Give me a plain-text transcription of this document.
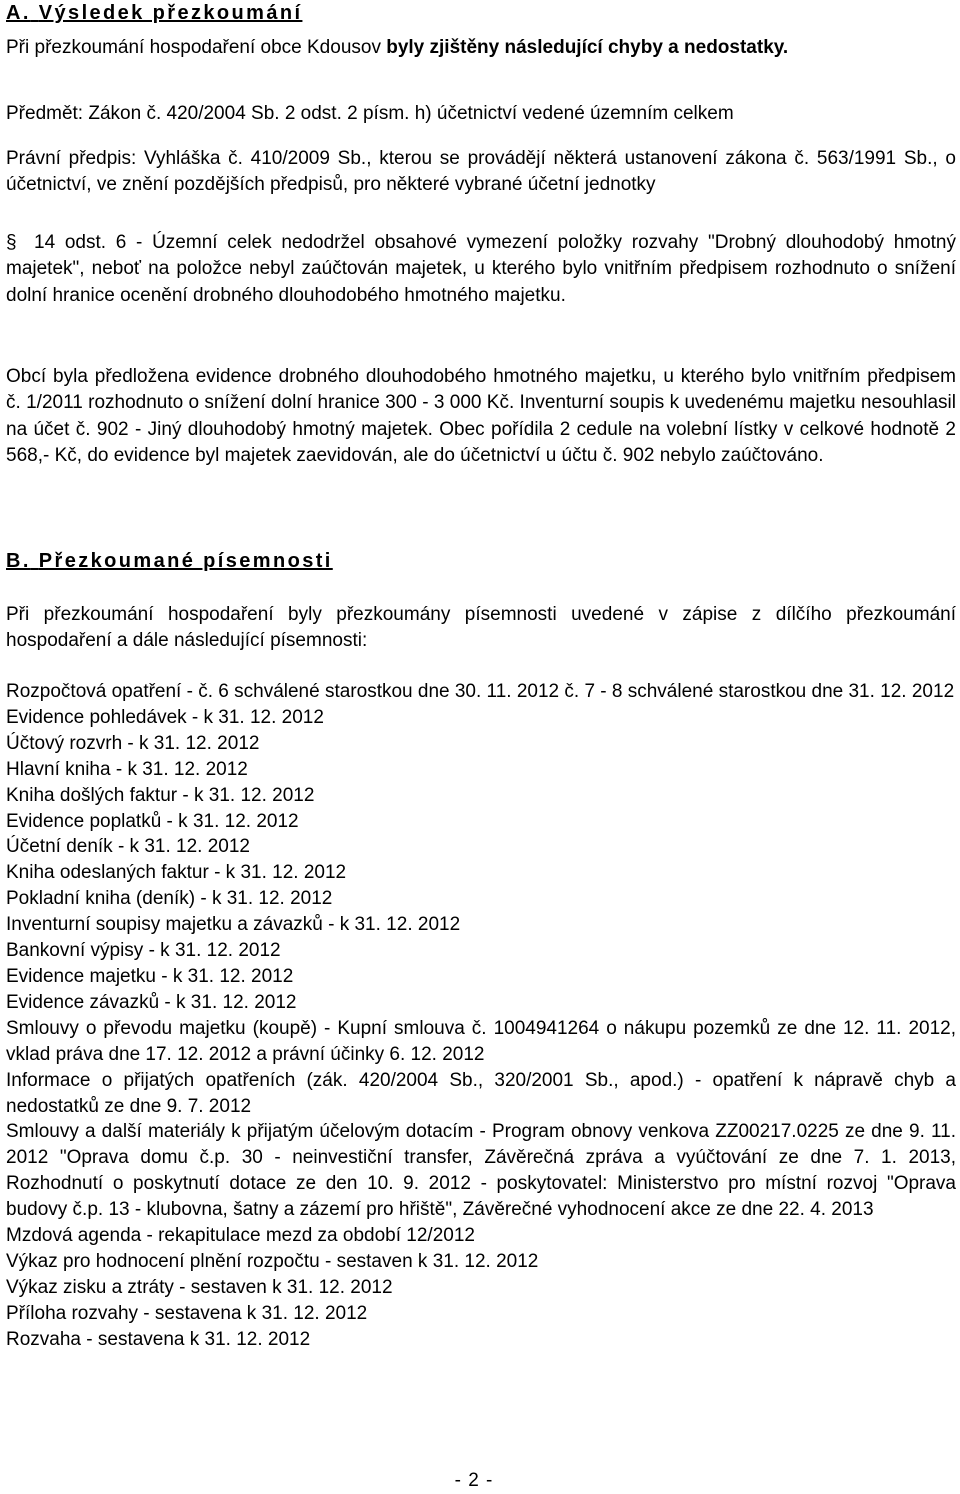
A. Výsledek přezkoumání
Při přezkoumání hospodaření obce Kdousov byly zjištěny následující chyby a nedostatky.
Předmět: Zákon č. 420/2004 Sb. 2 odst. 2 písm. h) účetnictví vedené územním celkem
Právní předpis: Vyhláška č. 410/2009 Sb., kterou se provádějí některá ustanovení zákona č. 563/1991 Sb., o účetnictví, ve znění pozdějších předpisů, pro některé vybrané účetní jednotky
§ 14 odst. 6 - Územní celek nedodržel obsahové vymezení položky rozvahy "Drobný dlouhodobý hmotný majetek", neboť na položce nebyl zaúčtován majetek, u kterého bylo vnitřním předpisem rozhodnuto o snížení dolní hranice ocenění drobného dlouhodobého hmotného majetku.
Obcí byla předložena evidence drobného dlouhodobého hmotného majetku, u kterého bylo vnitřním předpisem č. 1/2011 rozhodnuto o snížení dolní hranice 300 - 3 000 Kč. Inventurní soupis k uvedenému majetku nesouhlasil na účet č. 902 - Jiný dlouhodobý hmotný majetek. Obec pořídila 2 cedule na volební lístky v celkové hodnotě 2 568,- Kč, do evidence byl majetek zaevidován, ale do účetnictví u účtu č. 902 nebylo zaúčtováno.
B. Přezkoumané písemnosti
Při přezkoumání hospodaření byly přezkoumány písemnosti uvedené v zápise z dílčího přezkoumání hospodaření a dále následující písemnosti:
Rozpočtová opatření - č. 6 schválené starostkou dne 30. 11. 2012 č. 7 - 8 schválené starostkou dne 31. 12. 2012
Evidence pohledávek - k 31. 12. 2012
Účtový rozvrh - k 31. 12. 2012
Hlavní kniha - k 31. 12. 2012
Kniha došlých faktur - k 31. 12. 2012
Evidence poplatků - k 31. 12. 2012
Účetní deník - k 31. 12. 2012
Kniha odeslaných faktur - k 31. 12. 2012
Pokladní kniha (deník) - k 31. 12. 2012
Inventurní soupisy majetku a závazků - k 31. 12. 2012
Bankovní výpisy - k 31. 12. 2012
Evidence majetku - k 31. 12. 2012
Evidence závazků - k 31. 12. 2012
Smlouvy o převodu majetku (koupě) - Kupní smlouva č. 1004941264 o nákupu pozemků ze dne 12. 11. 2012, vklad práva dne 17. 12. 2012 a právní účinky 6. 12. 2012
Informace o přijatých opatřeních (zák. 420/2004 Sb., 320/2001 Sb., apod.) - opatření k nápravě chyb a nedostatků ze dne 9. 7. 2012
Smlouvy a další materiály k přijatým účelovým dotacím - Program obnovy venkova ZZ00217.0225 ze dne 9. 11. 2012 "Oprava domu č.p. 30 - neinvestiční transfer, Závěrečná zpráva a vyúčtování ze dne 7. 1. 2013, Rozhodnutí o poskytnutí dotace ze den 10. 9. 2012 - poskytovatel: Ministerstvo pro místní rozvoj "Oprava budovy č.p. 13 - klubovna, šatny a zázemí pro hřiště", Závěrečné vyhodnocení akce ze dne 22. 4. 2013
Mzdová agenda - rekapitulace mezd za období 12/2012
Výkaz pro hodnocení plnění rozpočtu - sestaven k 31. 12. 2012
Výkaz zisku a ztráty - sestaven k 31. 12. 2012
Příloha rozvahy - sestavena k 31. 12. 2012
Rozvaha - sestavena k 31. 12. 2012
- 2 -
